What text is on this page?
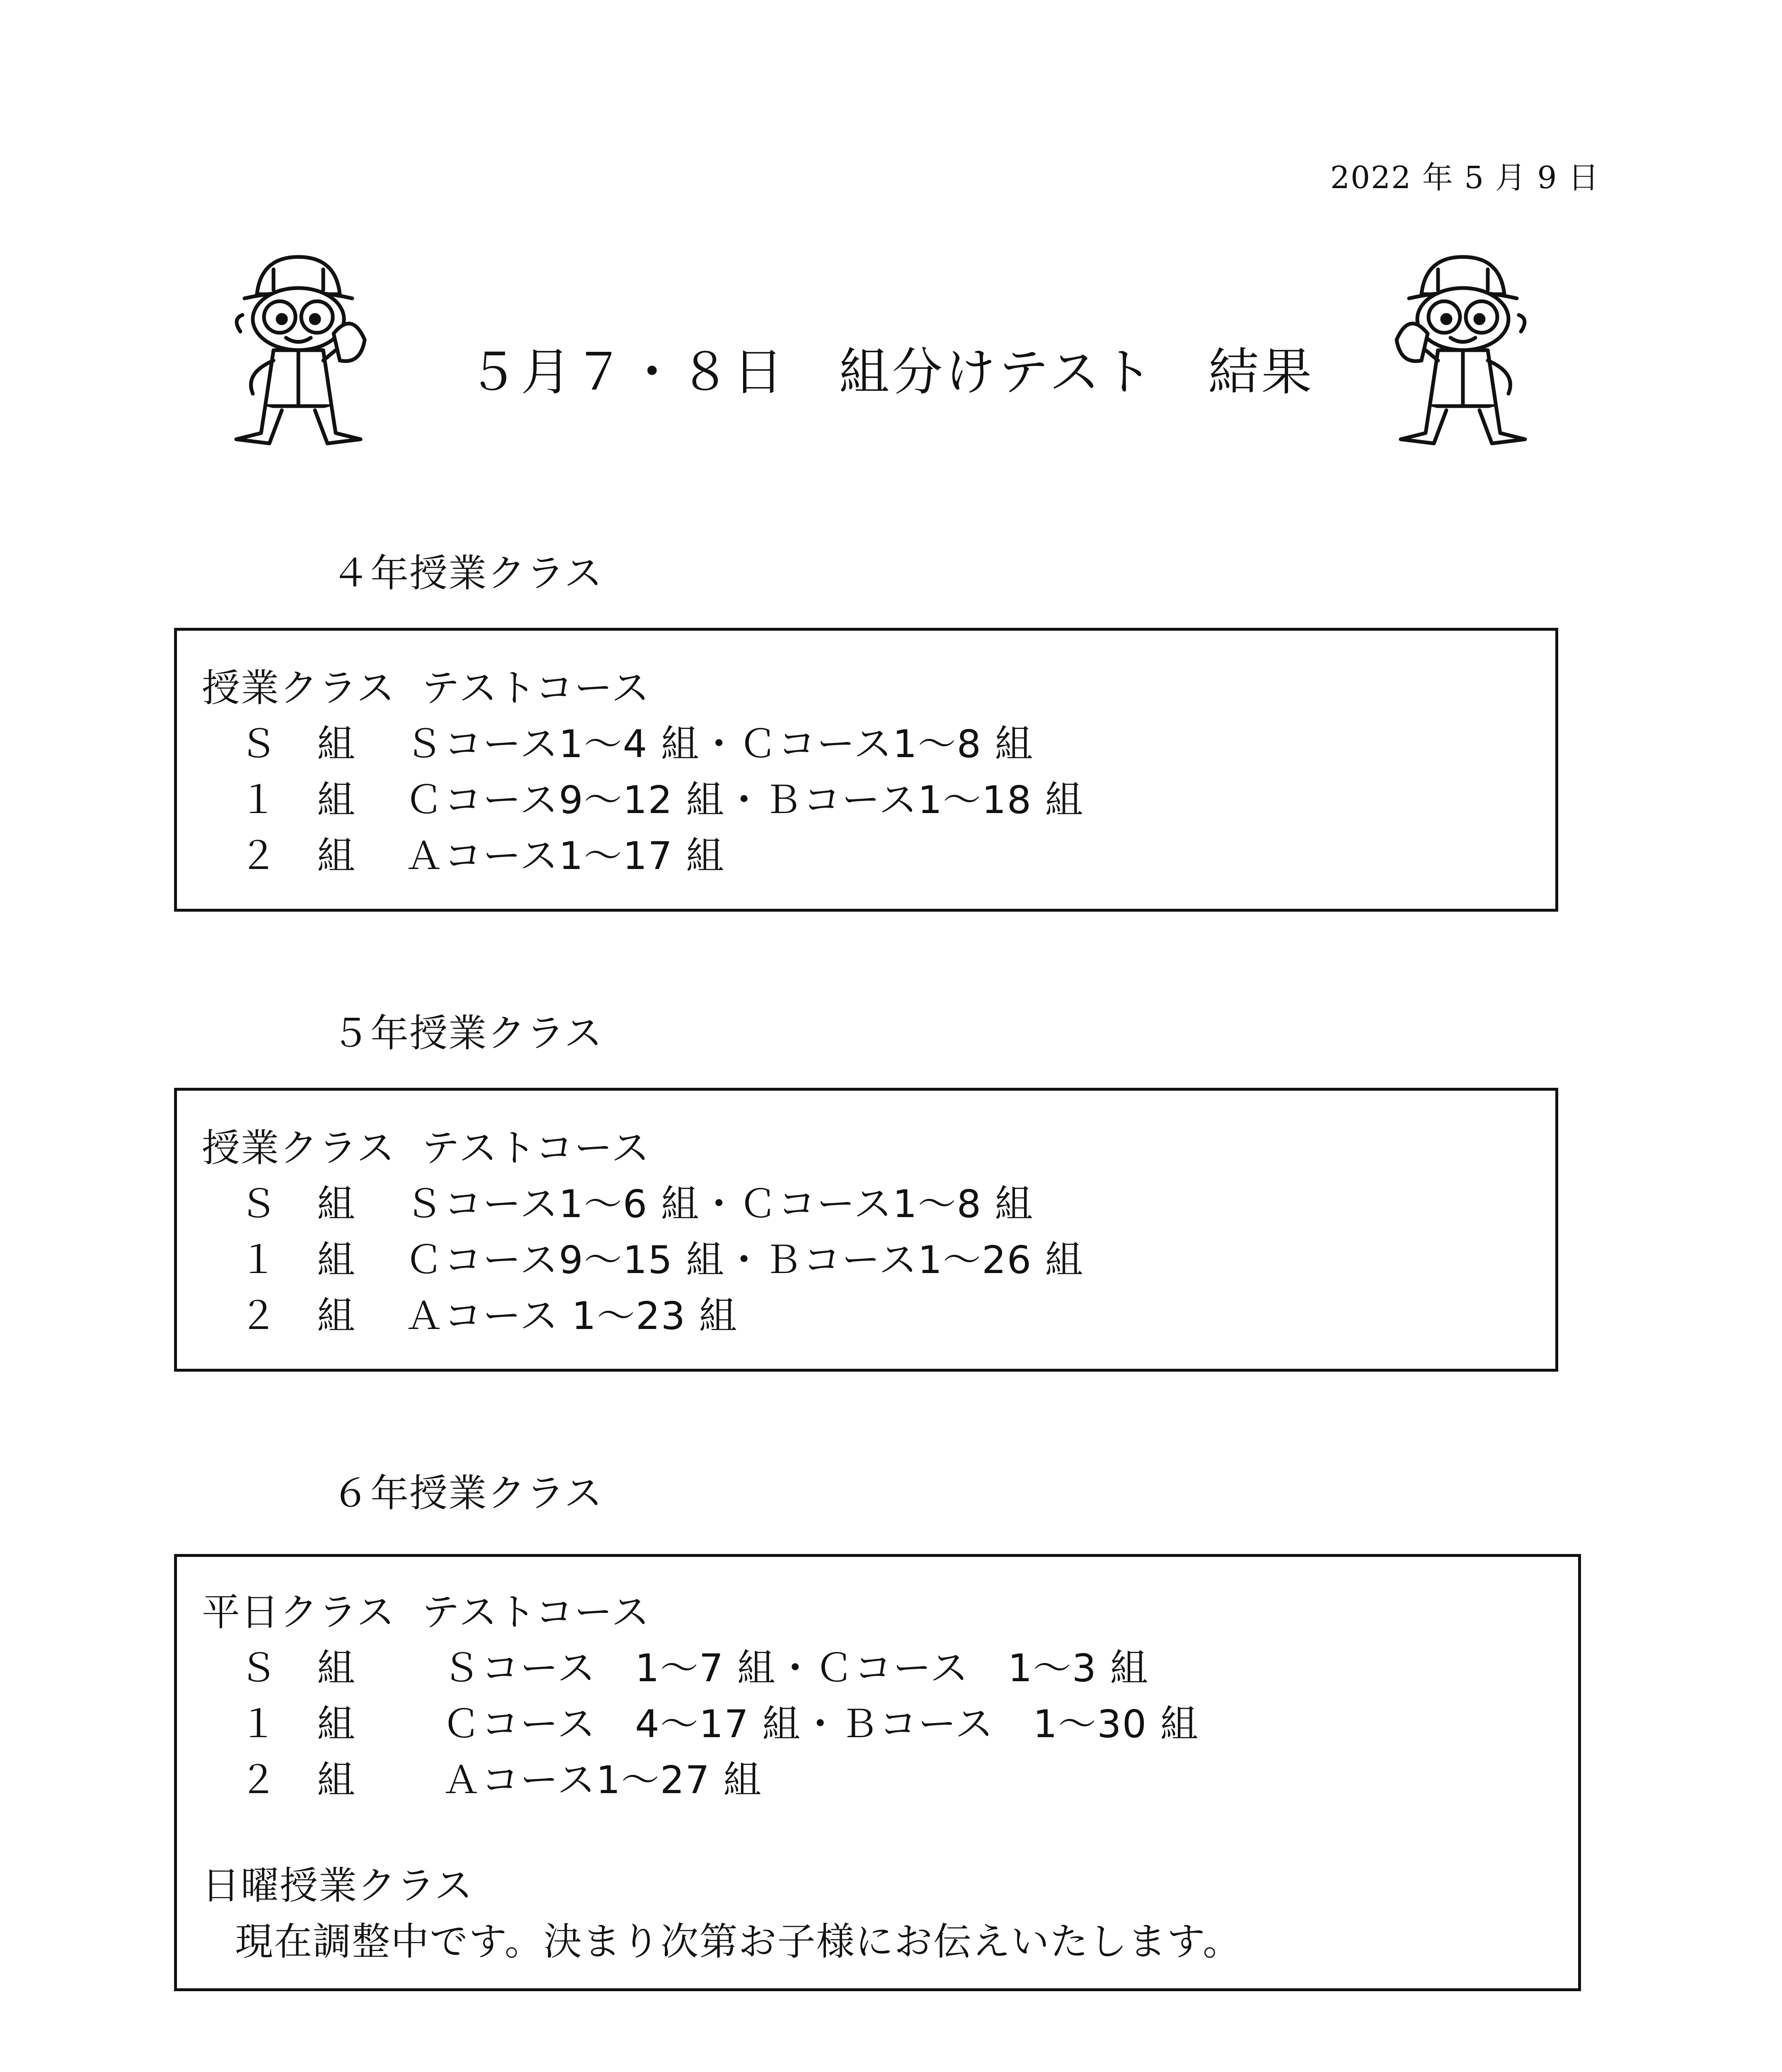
2022 年 5 月 9 日
５月７・８日　組分けテスト　結果
４年授業クラス
授業クラス テストコース
Ｓ　組 Ｓコース1～4 組・Ｃコース1～8 組
１　組 Ｃコース9～12 組・Ｂコース1～18 組
２　組 Ａコース1～17 組
５年授業クラス
授業クラス テストコース
Ｓ　組 Ｓコース1～6 組・Ｃコース1～8 組
１　組 Ｃコース9～15 組・Ｂコース1～26 組
２　組 Ａコース 1～23 組
６年授業クラス
平日クラス テストコース
Ｓ　組 Ｓコース　1～7 組・Ｃコース　1～3 組
１　組 Ｃコース　4～17 組・Ｂコース　1～30 組
２　組 Ａコース1～27 組
日曜授業クラス
現在調整中です。決まり次第お子様にお伝えいたします。
